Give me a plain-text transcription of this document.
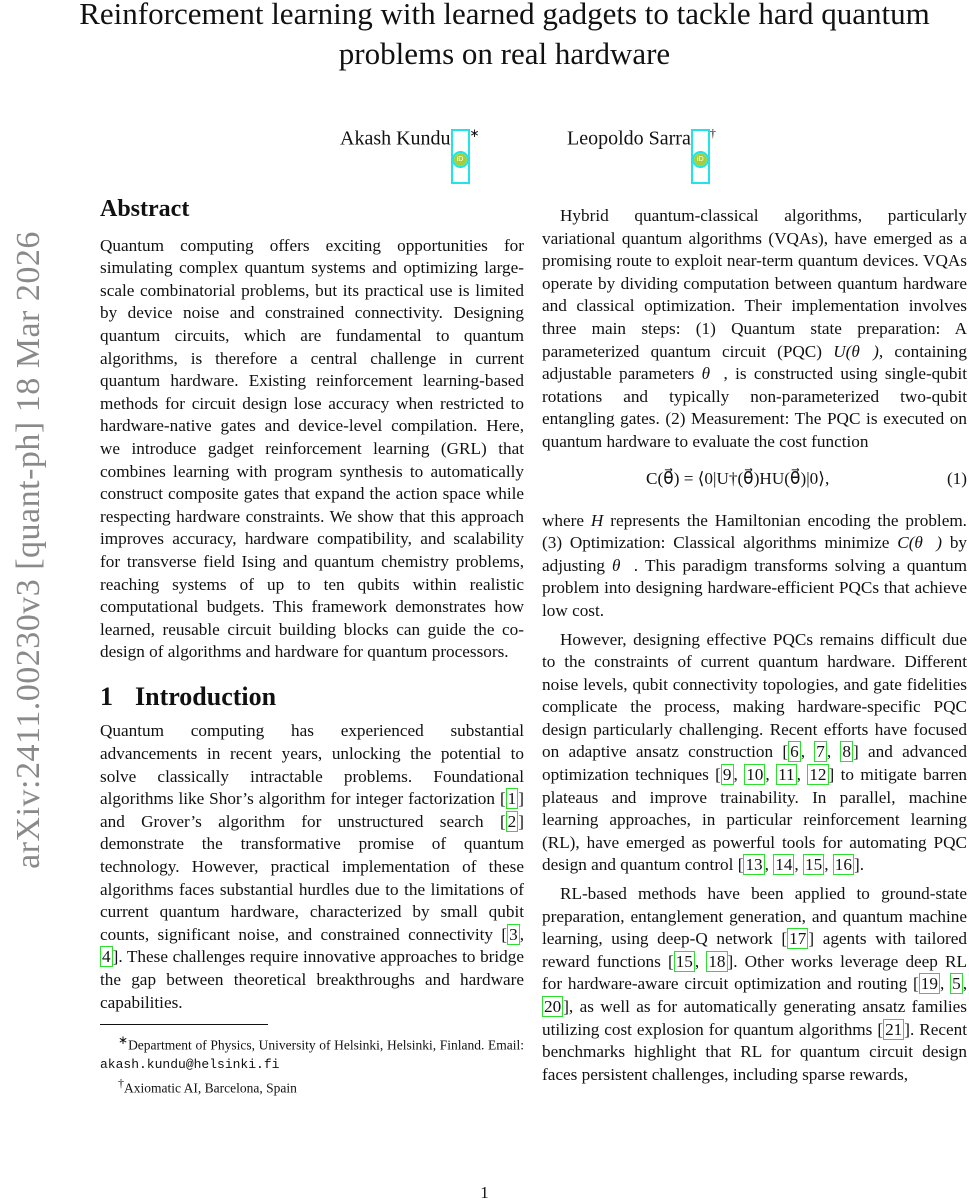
arXiv:2411.00230v3 [quant-ph] 18 Mar 2026
Reinforcement learning with learned gadgets to tackle hard quantum
problems on real hardware
Akash KunduiD∗	Leopoldo SarraiD†
Abstract

Quantum computing offers exciting opportunities for simulating complex quantum systems and optimizing large-scale combinatorial problems, but its practical use is limited by device noise and constrained connectivity. Designing quantum circuits, which are fundamental to quantum algorithms, is therefore a central challenge in current quantum hardware. Existing reinforcement learning-based methods for circuit design lose accuracy when restricted to hardware-native gates and device-level compilation. Here, we introduce gadget reinforcement learning (GRL) that combines learning with program synthesis to automatically construct composite gates that expand the action space while respecting hardware constraints. We show that this approach improves accuracy, hardware compatibility, and scalability for transverse field Ising and quantum chemistry problems, reaching systems of up to ten qubits within realistic computational budgets. This framework demonstrates how learned, reusable circuit building blocks can guide the co-design of algorithms and hardware for quantum processors.

1 Introduction

Quantum computing has experienced substantial advancements in recent years, unlocking the potential to solve classically intractable problems. Foundational algorithms like Shor’s algorithm for integer factorization [ 1 ] and Grover’s algorithm for unstructured search [ 2 ] demonstrate the transformative promise of quantum technology. However, practical implementation of these algorithms faces substantial hurdles due to the limitations of current quantum hardware, characterized by small qubit counts, significant noise, and constrained connectivity [ 3 , 4 ]. These challenges require innovative approaches to bridge the gap between theoretical breakthroughs and hardware capabilities.

∗Department of Physics, University of Helsinki, Helsinki, Finland. Email: akash.kundu@helsinki.fi

†Axiomatic AI, Barcelona, Spain

Hybrid quantum-classical algorithms, particularly variational quantum algorithms (VQAs), have emerged as a promising route to exploit near-term quantum devices. VQAs operate by dividing computation between quantum hardware and classical optimization. Their implementation involves three main steps: (1) Quantum state preparation: A parameterized quantum circuit (PQC) U(θ⃗), containing adjustable parameters θ⃗, is constructed using single-qubit rotations and typically non-parameterized two-qubit entangling gates. (2) Measurement: The PQC is executed on quantum hardware to evaluate the cost function

C(θ⃗) = ⟨0|U†(θ⃗)HU(θ⃗)|0⟩,	(1)

where H represents the Hamiltonian encoding the problem. (3) Optimization: Classical algorithms minimize C(θ⃗) by adjusting θ⃗. This paradigm transforms solving a quantum problem into designing hardware-efficient PQCs that achieve low cost.

However, designing effective PQCs remains difficult due to the constraints of current quantum hardware. Different noise levels, qubit connectivity topologies, and gate fidelities complicate the process, making hardware-specific PQC design particularly challenging. Recent efforts have focused on adaptive ansatz construction [ 6 , 7 , 8 ] and advanced optimization techniques [ 9 , 10 , 11 , 12 ] to mitigate barren plateaus and improve trainability. In parallel, machine learning approaches, in particular reinforcement learning (RL), have emerged as powerful tools for automating PQC design and quantum control [ 13 , 14 , 15 , 16 ].

RL-based methods have been applied to ground-state preparation, entanglement generation, and quantum machine learning, using deep-Q network [ 17 ] agents with tailored reward functions [ 15 , 18 ]. Other works leverage deep RL for hardware-aware circuit optimization and routing [ 19 , 5 , 20 ], as well as for automatically generating ansatz families utilizing cost explosion for quantum algorithms [ 21 ]. Recent benchmarks highlight that RL for quantum circuit design faces persistent challenges, including sparse rewards,

1
